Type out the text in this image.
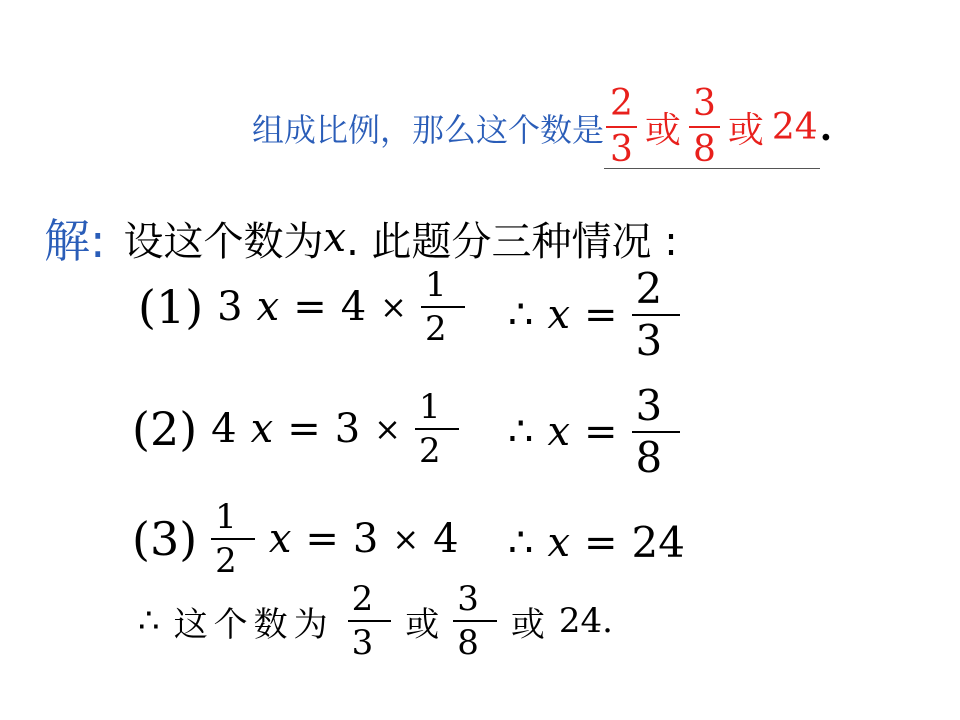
组成比例，那么这个数是 $\frac{2}{3}$ 或 $\frac{3}{8}$ 或 24 .
解: 设这个数为 x . 此题分三种情况 :
(1) 3 $x = 4 \times \frac{1}{2}$ ∴ $x = \frac{2}{3}$
(2) 4 $x = 3 \times \frac{1}{2}$ ∴ $x = \frac{3}{8}$
$(3) \frac{1}{2}$ x = 3 × 4 ∴ x = 24
∴ 这个数为 $\frac{2}{3}$ 或 $\frac{3}{8}$ 或 24.
